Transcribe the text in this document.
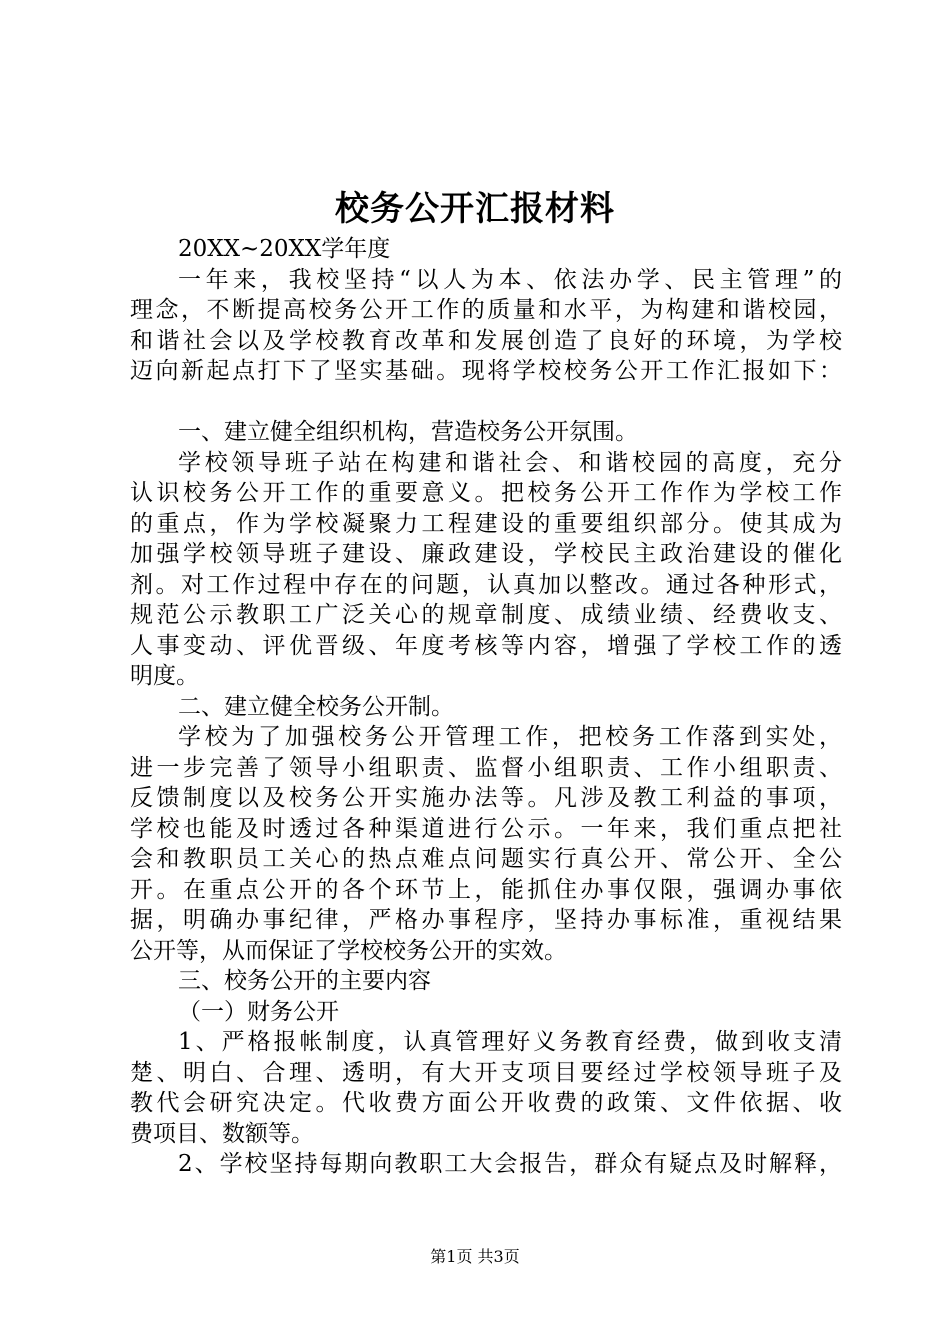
校务公开汇报材料
20XX~20XX学年度
一年来，我校坚持“以人为本、依法办学、民主管理”的
理念，不断提高校务公开工作的质量和水平，为构建和谐校园，
和谐社会以及学校教育改革和发展创造了良好的环境，为学校
迈向新起点打下了坚实基础。现将学校校务公开工作汇报如下：
一、建立健全组织机构，营造校务公开氛围。
学校领导班子站在构建和谐社会、和谐校园的高度，充分
认识校务公开工作的重要意义。把校务公开工作作为学校工作
的重点，作为学校凝聚力工程建设的重要组织部分。使其成为
加强学校领导班子建设、廉政建设，学校民主政治建设的催化
剂。对工作过程中存在的问题，认真加以整改。通过各种形式，
规范公示教职工广泛关心的规章制度、成绩业绩、经费收支、
人事变动、评优晋级、年度考核等内容，增强了学校工作的透
明度。
二、建立健全校务公开制。
学校为了加强校务公开管理工作，把校务工作落到实处，
进一步完善了领导小组职责、监督小组职责、工作小组职责、
反馈制度以及校务公开实施办法等。凡涉及教工利益的事项，
学校也能及时透过各种渠道进行公示。一年来，我们重点把社
会和教职员工关心的热点难点问题实行真公开、常公开、全公
开。在重点公开的各个环节上，能抓住办事仅限，强调办事依
据，明确办事纪律，严格办事程序，坚持办事标准，重视结果
公开等，从而保证了学校校务公开的实效。
三、校务公开的主要内容
（一）财务公开
1、严格报帐制度，认真管理好义务教育经费，做到收支清
楚、明白、合理、透明，有大开支项目要经过学校领导班子及
教代会研究决定。代收费方面公开收费的政策、文件依据、收
费项目、数额等。
2、学校坚持每期向教职工大会报告，群众有疑点及时解释，
第1页 共3页
